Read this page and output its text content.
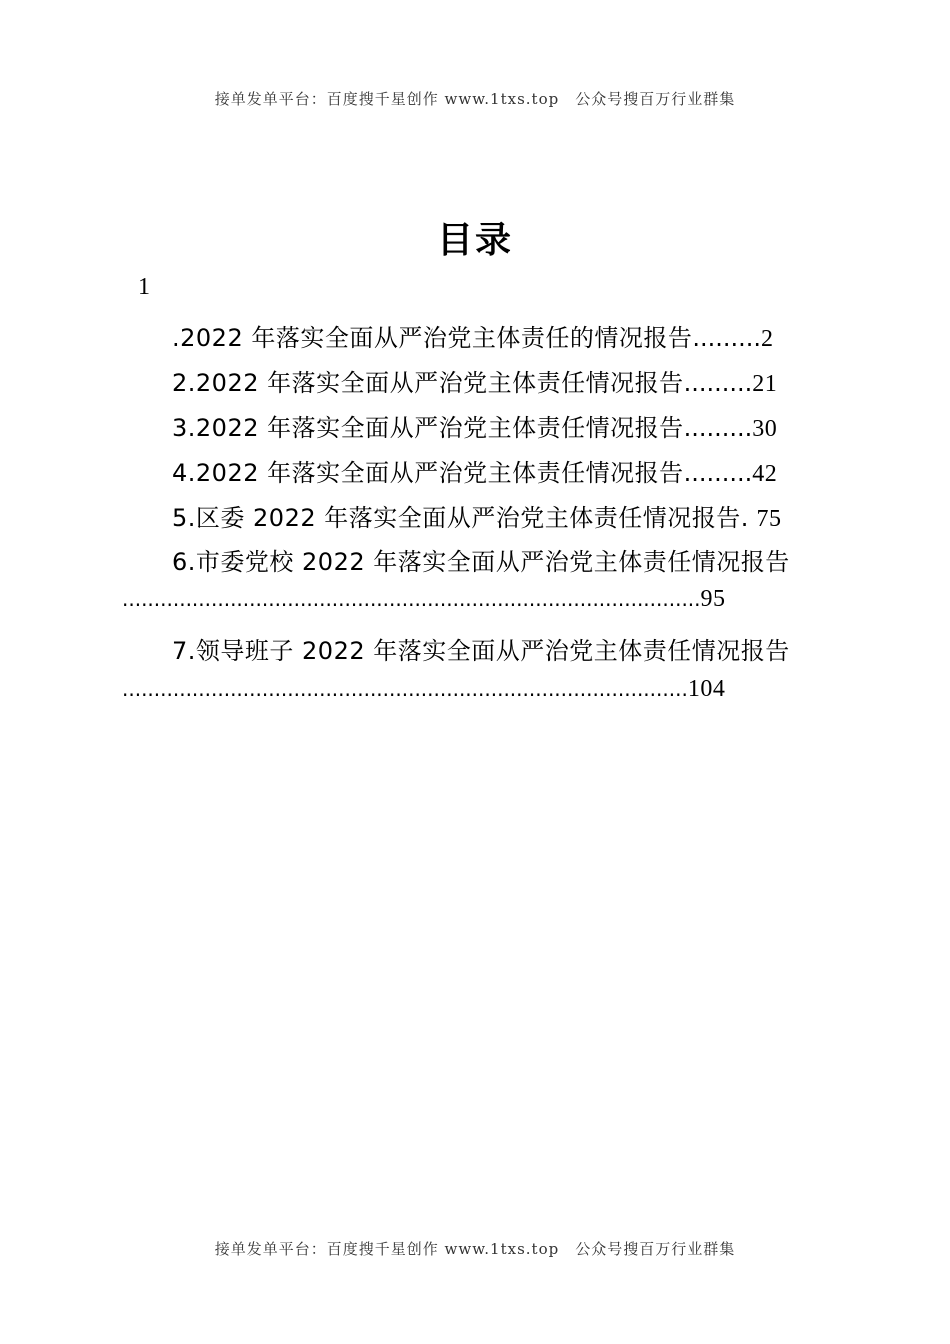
接单发单平台：百度搜千星创作 www.1txs.top　公众号搜百万行业群集
目录
1
.2022 年落实全面从严治党主体责任的情况报告.........2
2.2022 年落实全面从严治党主体责任情况报告.........21
3.2022 年落实全面从严治党主体责任情况报告.........30
4.2022 年落实全面从严治党主体责任情况报告.........42
5.区委 2022 年落实全面从严治党主体责任情况报告. 75
6.市委党校 2022 年落实全面从严治党主体责任情况报告
...........................................................................................95
7.领导班子 2022 年落实全面从严治党主体责任情况报告
.........................................................................................104
接单发单平台：百度搜千星创作 www.1txs.top　公众号搜百万行业群集
